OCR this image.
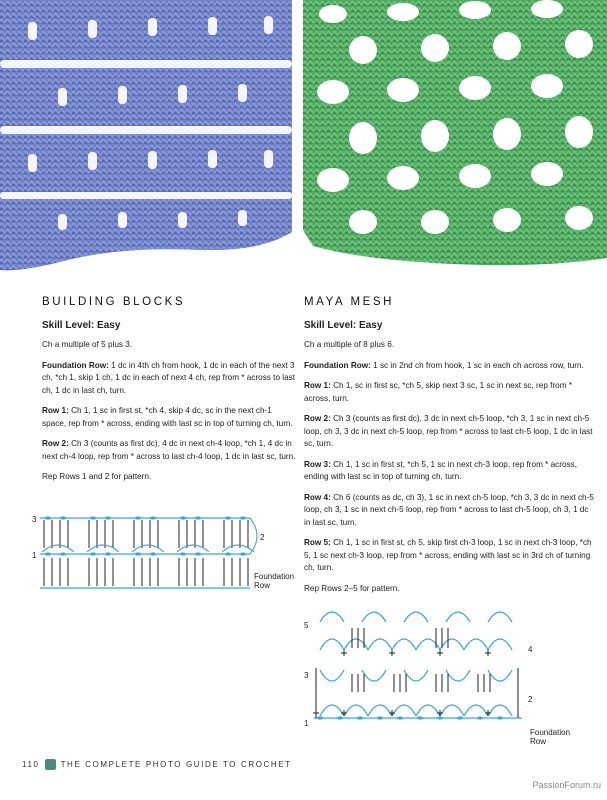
BUILDING BLOCKS

Skill Level: Easy

Ch a multiple of 5 plus 3.

Foundation Row: 1 dc in 4th ch from hook, 1 dc in each of the next 3 ch, *ch 1, skip 1 ch, 1 dc in each of next 4 ch, rep from * across to last ch, 1 dc in last ch, turn.

Row 1: Ch 1, 1 sc in first st, *ch 4, skip 4 dc, sc in the next ch-1 space, rep from * across, ending with last sc in top of turning ch, turn.

Row 2: Ch 3 (counts as first dc), 4 dc in next ch-4 loop, *ch 1, 4 dc in next ch-4 loop, rep from * across to last ch-4 loop, 1 dc in last sc, turn.

Rep Rows 1 and 2 for pattern.

MAYA MESH

Skill Level: Easy

Ch a multiple of 8 plus 6.

Foundation Row: 1 sc in 2nd ch from hook, 1 sc in each ch across row, turn.

Row 1: Ch 1, sc in first sc, *ch 5, skip next 3 sc, 1 sc in next sc, rep from * across, turn.

Row 2: Ch 3 (counts as first dc), 3 dc in next ch-5 loop, *ch 3, 1 sc in next ch-5 loop, ch 3, 3 dc in next ch-5 loop, rep from * across to last ch-5 loop, 1 dc in last sc, turn.

Row 3: Ch 1, 1 sc in first st, *ch 5, 1 sc in next ch-3 loop, rep from * across, ending with last sc in top of turning ch, turn.

Row 4: Ch 6 (counts as dc, ch 3), 1 sc in next ch-5 loop, *ch 3, 3 dc in next ch-5 loop, ch 3, 1 sc in next ch-5 loop, rep from * across to last ch-5 loop, ch 3, 1 dc in last sc, turn.

Row 5: Ch 1, 1 sc in first st, ch 5, skip first ch-3 loop, 1 sc in next ch-3 loop, *ch 5, 1 sc next ch-3 loop, rep from * across, ending with last sc in 3rd ch of turning ch, turn.

Rep Rows 2–5 for pattern.

3
1
2
Foundation
Row
5
3
1
4
2
Foundation
Row
110	THE COMPLETE PHOTO GUIDE TO CROCHET
PassionForum.ru
